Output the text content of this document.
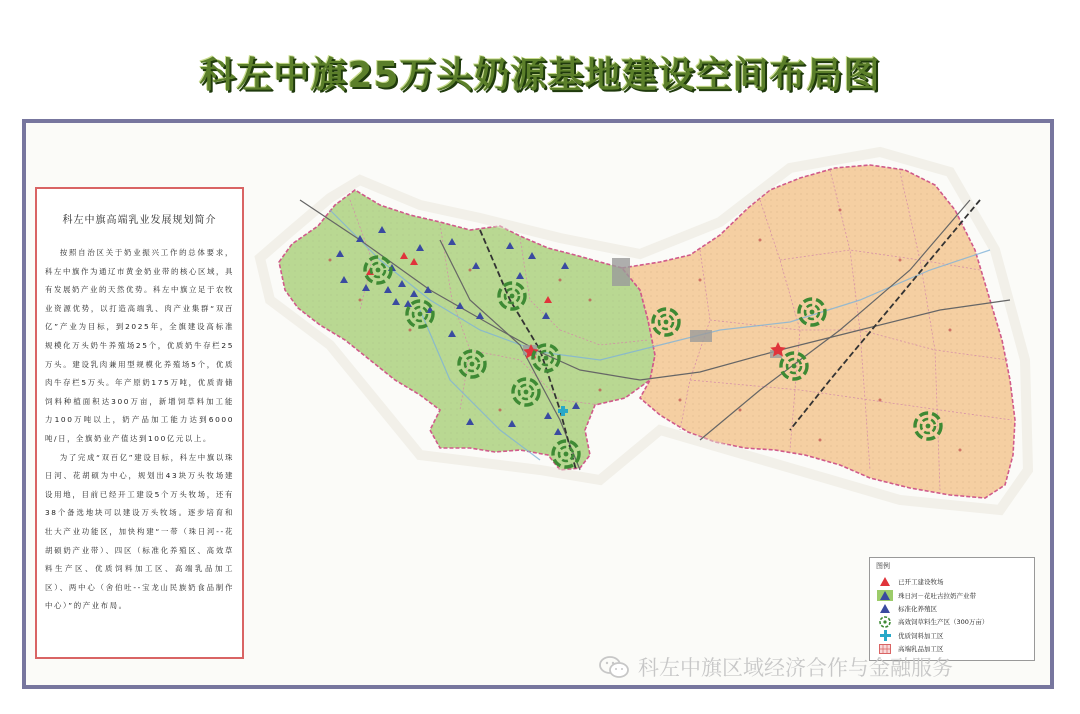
科左中旗25万头奶源基地建设空间布局图
科左中旗高端乳业发展规划简介

按照自治区关于奶业振兴工作的总体要求，科左中旗作为通辽市黄金奶业带的核心区域，具有发展奶产业的天然优势。科左中旗立足于农牧业资源优势，以打造高端乳、肉产业集群“双百亿”产业为目标，到2025年，全旗建设高标准规模化万头奶牛养殖场25个，优质奶牛存栏25万头。建设乳肉兼用型规模化养殖场5个，优质肉牛存栏5万头。年产原奶175万吨，优质青储饲料种植面积达300万亩，新增饲草料加工能力100万吨以上，奶产品加工能力达到6000吨/日，全旗奶业产值达到100亿元以上。

为了完成“双百亿”建设目标，科左中旗以珠日河、花胡硕为中心，规划出43块万头牧场建设用地，目前已经开工建设5个万头牧场，还有38个备选地块可以建设万头牧场。逐步培育和壮大产业功能区，加快构建“一带（珠日河--花胡硕奶产业带）、四区（标准化养殖区、高效草料生产区、优质饲料加工区、高端乳品加工区）、两中心（舍伯吐--宝龙山民族奶食品制作中心）”的产业布局。

图例
已开工建设牧场
珠日河－花吐古拉奶产业带
标准化养殖区
高效饲草料生产区（300万亩）
优质饲料加工区
高端乳品加工区
科左中旗区域经济合作与金融服务
